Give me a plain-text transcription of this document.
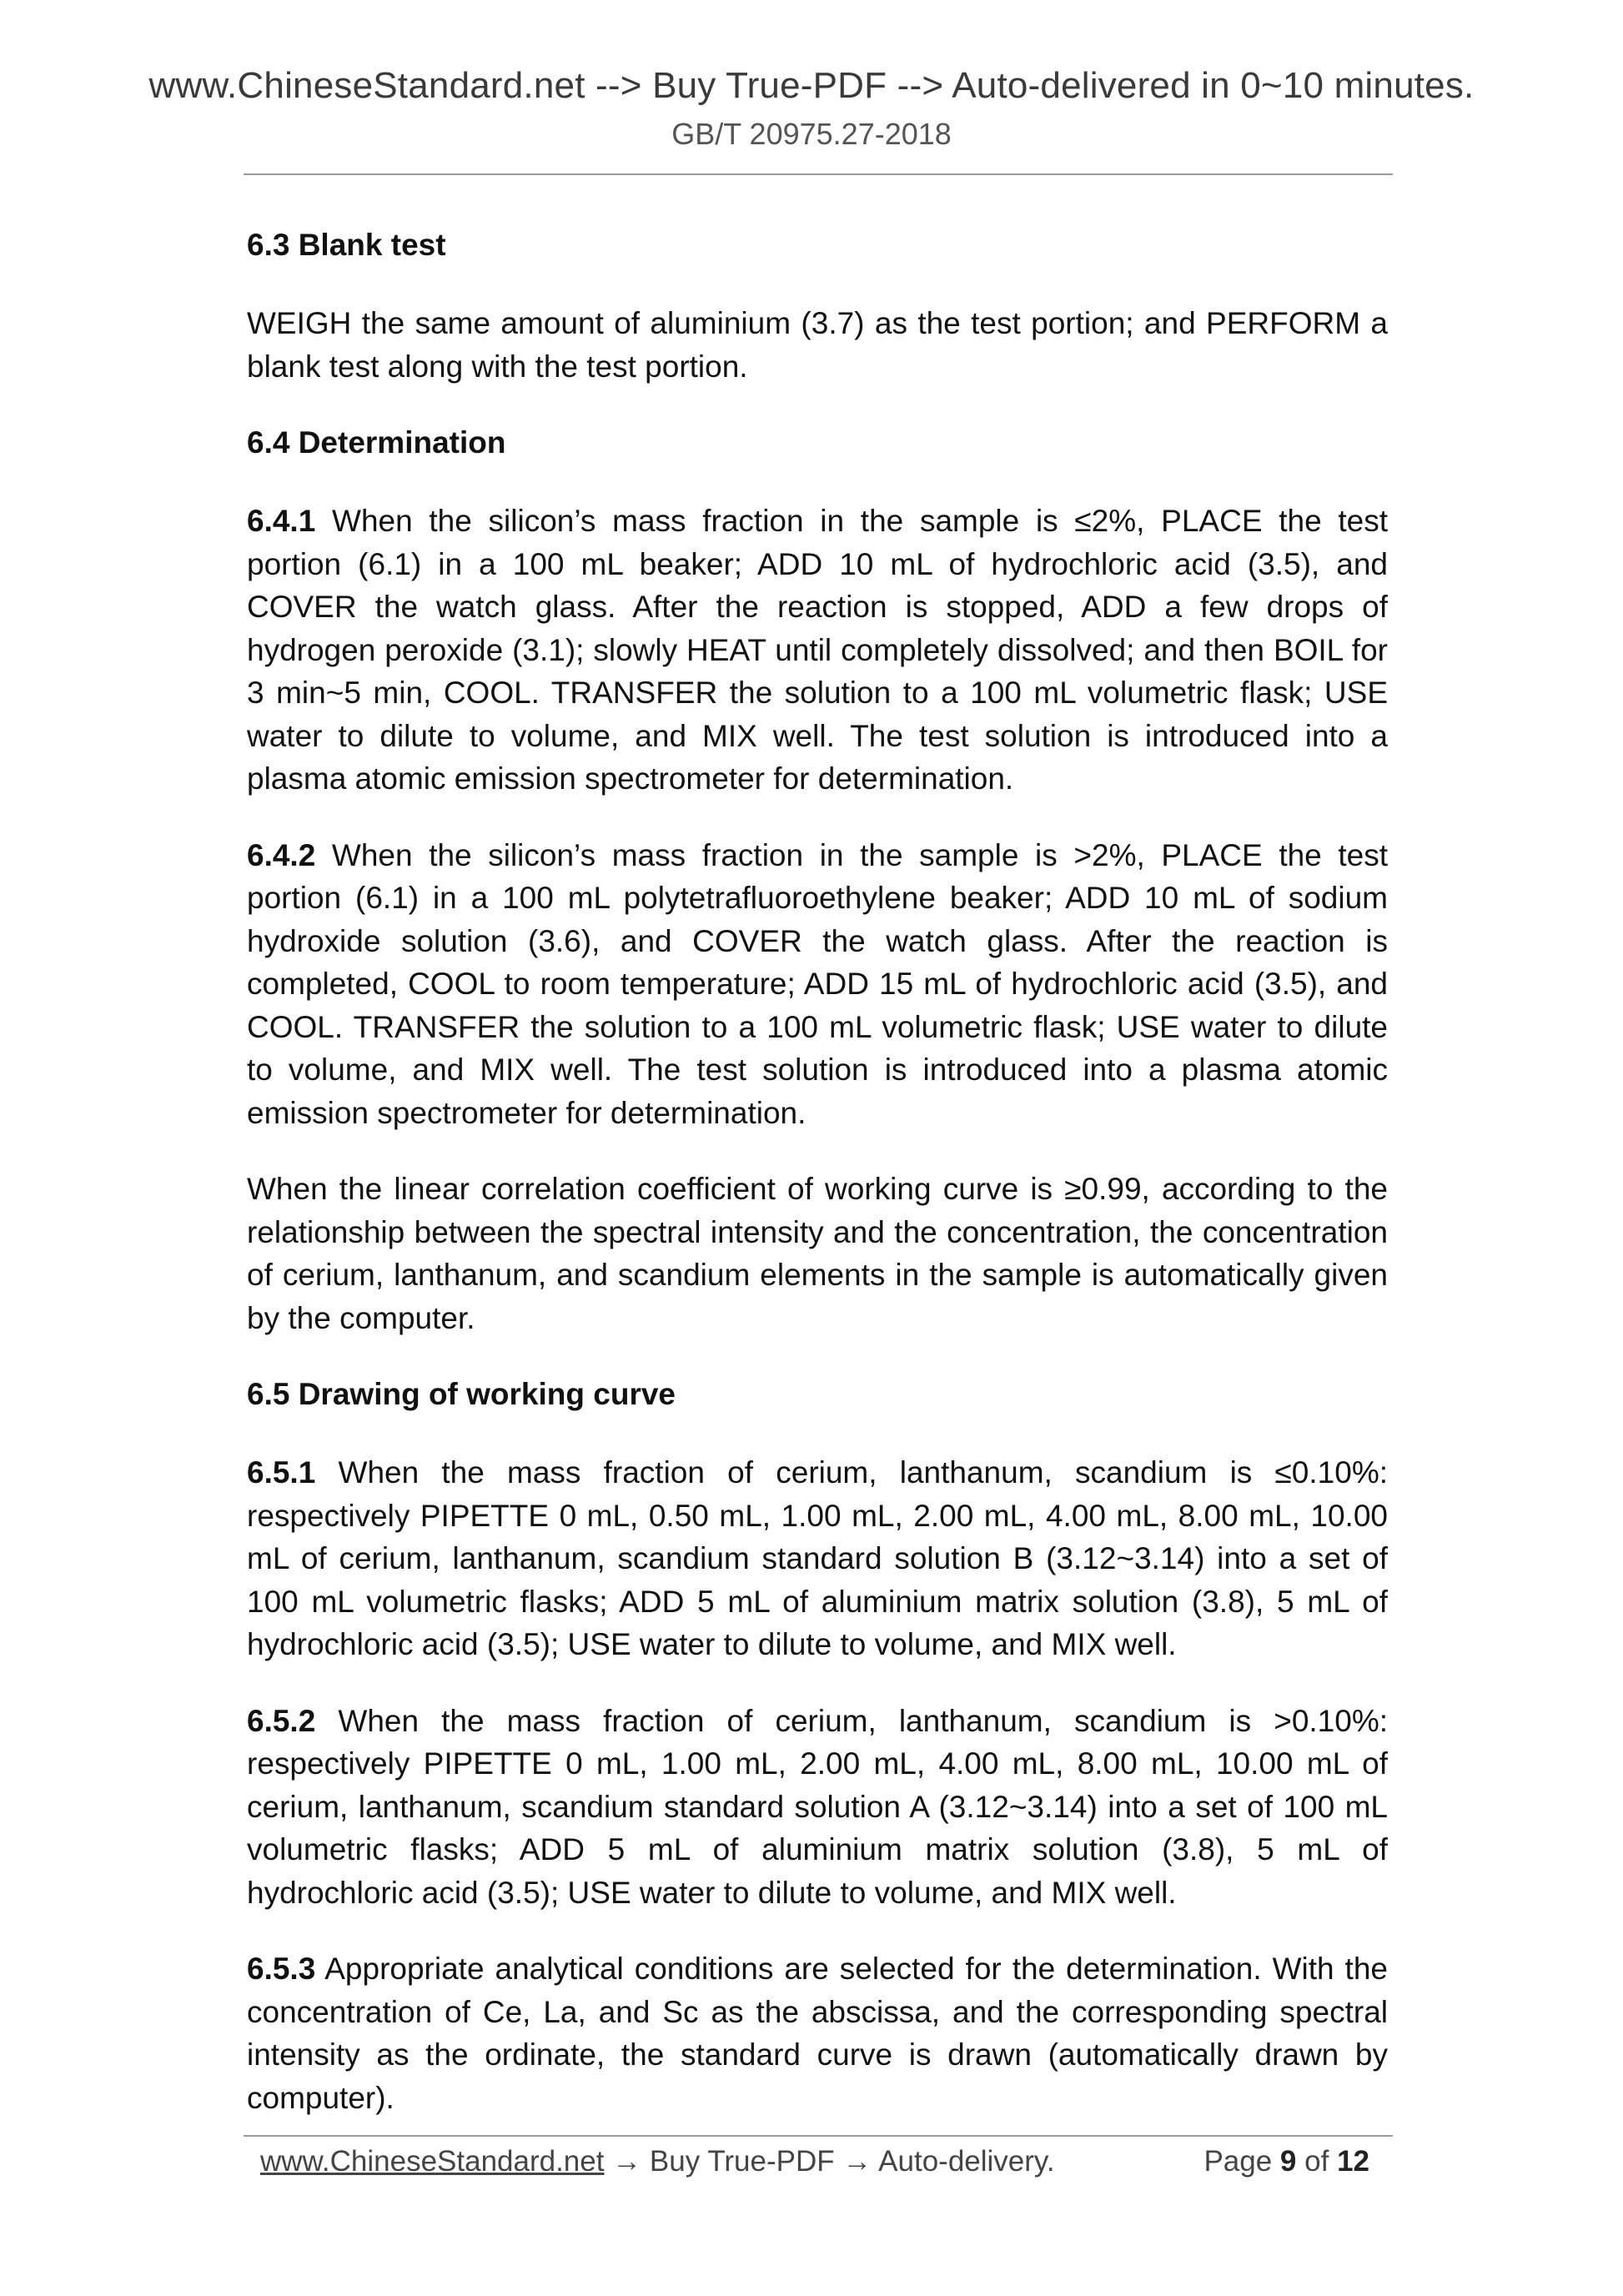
www.ChineseStandard.net --> Buy True-PDF --> Auto-delivered in 0~10 minutes.
GB/T 20975.27-2018
6.3 Blank test
WEIGH the same amount of aluminium (3.7) as the test portion; and PERFORM a blank test along with the test portion.
6.4 Determination
6.4.1 When the silicon’s mass fraction in the sample is ≤2%, PLACE the test portion (6.1) in a 100 mL beaker; ADD 10 mL of hydrochloric acid (3.5), and COVER the watch glass. After the reaction is stopped, ADD a few drops of hydrogen peroxide (3.1); slowly HEAT until completely dissolved; and then BOIL for 3 min~5 min, COOL. TRANSFER the solution to a 100 mL volumetric flask; USE water to dilute to volume, and MIX well. The test solution is introduced into a plasma atomic emission spectrometer for determination.
6.4.2 When the silicon’s mass fraction in the sample is >2%, PLACE the test portion (6.1) in a 100 mL polytetrafluoroethylene beaker; ADD 10 mL of sodium hydroxide solution (3.6), and COVER the watch glass. After the reaction is completed, COOL to room temperature; ADD 15 mL of hydrochloric acid (3.5), and COOL. TRANSFER the solution to a 100 mL volumetric flask; USE water to dilute to volume, and MIX well. The test solution is introduced into a plasma atomic emission spectrometer for determination.
When the linear correlation coefficient of working curve is ≥0.99, according to the relationship between the spectral intensity and the concentration, the concentration of cerium, lanthanum, and scandium elements in the sample is automatically given by the computer.
6.5 Drawing of working curve
6.5.1 When the mass fraction of cerium, lanthanum, scandium is ≤0.10%: respectively PIPETTE 0 mL, 0.50 mL, 1.00 mL, 2.00 mL, 4.00 mL, 8.00 mL, 10.00 mL of cerium, lanthanum, scandium standard solution B (3.12~3.14) into a set of 100 mL volumetric flasks; ADD 5 mL of aluminium matrix solution (3.8), 5 mL of hydrochloric acid (3.5); USE water to dilute to volume, and MIX well.
6.5.2 When the mass fraction of cerium, lanthanum, scandium is >0.10%: respectively PIPETTE 0 mL, 1.00 mL, 2.00 mL, 4.00 mL, 8.00 mL, 10.00 mL of cerium, lanthanum, scandium standard solution A (3.12~3.14) into a set of 100 mL volumetric flasks; ADD 5 mL of aluminium matrix solution (3.8), 5 mL of hydrochloric acid (3.5); USE water to dilute to volume, and MIX well.
6.5.3 Appropriate analytical conditions are selected for the determination. With the concentration of Ce, La, and Sc as the abscissa, and the corresponding spectral intensity as the ordinate, the standard curve is drawn (automatically drawn by computer).
www.ChineseStandard.net → Buy True-PDF → Auto-delivery.	Page 9 of 12
